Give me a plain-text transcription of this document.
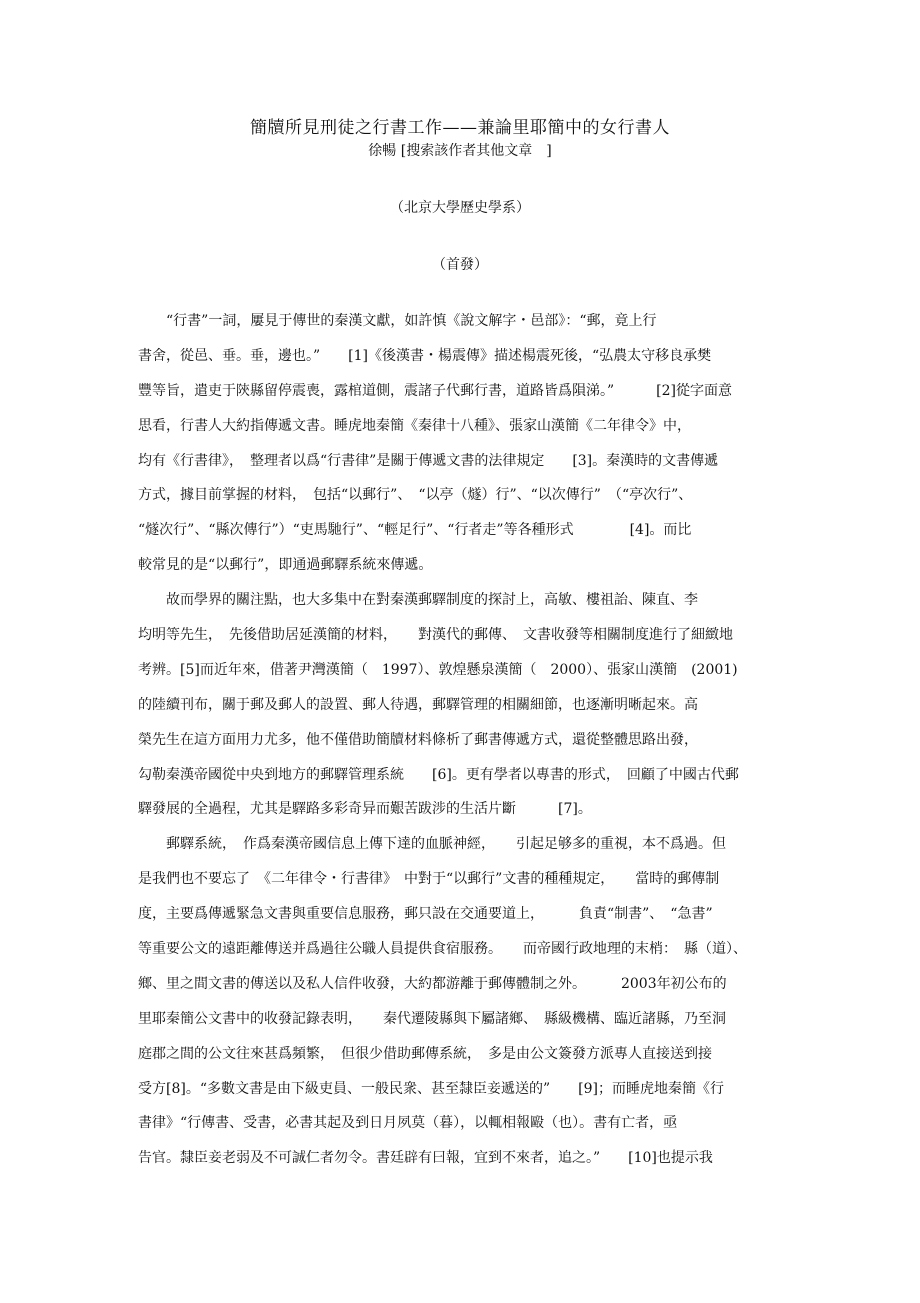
簡牘所見刑徒之行書工作——兼論里耶簡中的女行書人
徐暢 [搜索該作者其他文章　]
（北京大學歷史學系）
（首發）
　　“行書”一詞，屢見于傳世的秦漢文獻，如許慎《說文解字・邑部》：“郵，竟上行
書舍，從邑、垂。垂，邊也。”　　[1]《後漢書・楊震傳》描述楊震死後，“弘農太守移良承樊
豐等旨，遣吏于陝縣留停震喪，露棺道側，震諸子代郵行書，道路皆爲隕涕。”　　　[2]從字面意
思看，行書人大約指傳遞文書。睡虎地秦簡《秦律十八種》、張家山漢簡《二年律令》中，
均有《行書律》，　整理者以爲“行書律”是關于傳遞文書的法律規定　　[3]。秦漢時的文書傳遞
方式，據目前掌握的材料，　包括“以郵行”、　“以亭（燧）行”、“以次傳行”　（“亭次行”、
“燧次行”、“縣次傳行”）“吏馬馳行”、“輕足行”、“行者走”等各種形式　　　　[4]。而比
較常見的是“以郵行”，即通過郵驛系統來傳遞。
　　故而學界的關注點，也大多集中在對秦漢郵驛制度的探討上，高敏、樓祖詒、陳直、李
均明等先生，　先後借助居延漢簡的材料，　　對漢代的郵傳、　文書收發等相關制度進行了細緻地
考辨。[5]而近年來，借著尹灣漢簡（　1997）、敦煌懸泉漢簡（　2000）、張家山漢簡　(2001)
的陸續刊布，關于郵及郵人的設置、郵人待遇，郵驛管理的相關細節，也逐漸明晰起來。高
榮先生在這方面用力尤多，他不僅借助簡牘材料條析了郵書傳遞方式，還從整體思路出發，
勾勒秦漢帝國從中央到地方的郵驛管理系統　　[6]。更有學者以專書的形式，　回顧了中國古代郵
驛發展的全過程，尤其是驛路多彩奇异而艱苦跋涉的生活片斷　　　[7]。
　　郵驛系統，　作爲秦漢帝國信息上傳下達的血脈神經，　　引起足够多的重視，本不爲過。但
是我們也不要忘了　《二年律令・行書律》　中對于“以郵行”文書的種種規定，　　當時的郵傳制
度，主要爲傳遞緊急文書與重要信息服務，郵只設在交通要道上，　　　負責“制書”、　“急書”
等重要公文的遠距離傳送并爲過往公職人員提供食宿服務。　　而帝國行政地理的末梢：　縣（道）、
鄉、里之間文書的傳送以及私人信件收發，大約都游離于郵傳體制之外。　　　2003年初公布的
里耶秦簡公文書中的收發記錄表明，　　秦代遷陵縣與下屬諸鄉、　縣級機構、臨近諸縣，乃至洞
庭郡之間的公文往來甚爲頻繁，　但很少借助郵傳系統，　多是由公文簽發方派專人直接送到接
受方[8]。“多數文書是由下級吏員、一般民衆、甚至隸臣妾遞送的”　　[9]；而睡虎地秦簡《行
書律》“行傳書、受書，必書其起及到日月夙莫（暮），以輒相報毆（也）。書有亡者，亟
告官。隸臣妾老弱及不可誠仁者勿令。書廷辟有曰報，宜到不來者，追之。”　　[10]也提示我
